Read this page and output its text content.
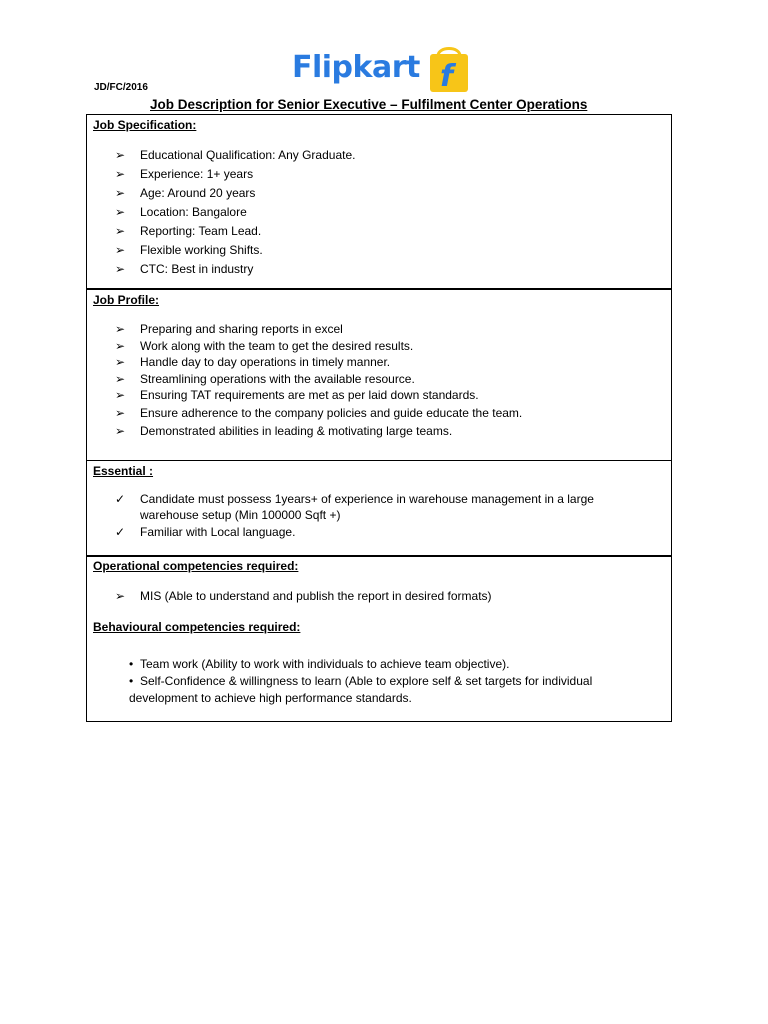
Flipkart f
JD/FC/2016
Job Description for Senior Executive – Fulfilment Center Operations
Job Specification:
➢	Educational Qualification: Any Graduate.
➢	Experience: 1+ years
➢	Age: Around 20 years
➢	Location: Bangalore
➢	Reporting: Team Lead.
➢	Flexible working Shifts.
➢	CTC: Best in industry
Job Profile:
➢	Preparing and sharing reports in excel
➢	Work along with the team to get the desired results.
➢	Handle day to day operations in timely manner.
➢	Streamlining operations with the available resource.
➢	Ensuring TAT requirements are met as per laid down standards.
➢	Ensure adherence to the company policies and guide educate the team.
➢	Demonstrated abilities in leading & motivating large teams.
Essential :
✓	Candidate must possess 1years+ of experience in warehouse management in a large
warehouse setup (Min 100000 Sqft +)
✓	Familiar with Local language.
Operational competencies required:
➢	MIS (Able to understand and publish the report in desired formats)
Behavioural competencies required:
• Team work (Ability to work with individuals to achieve team objective).
• Self-Confidence & willingness to learn (Able to explore self & set targets for individual
development to achieve high performance standards.
